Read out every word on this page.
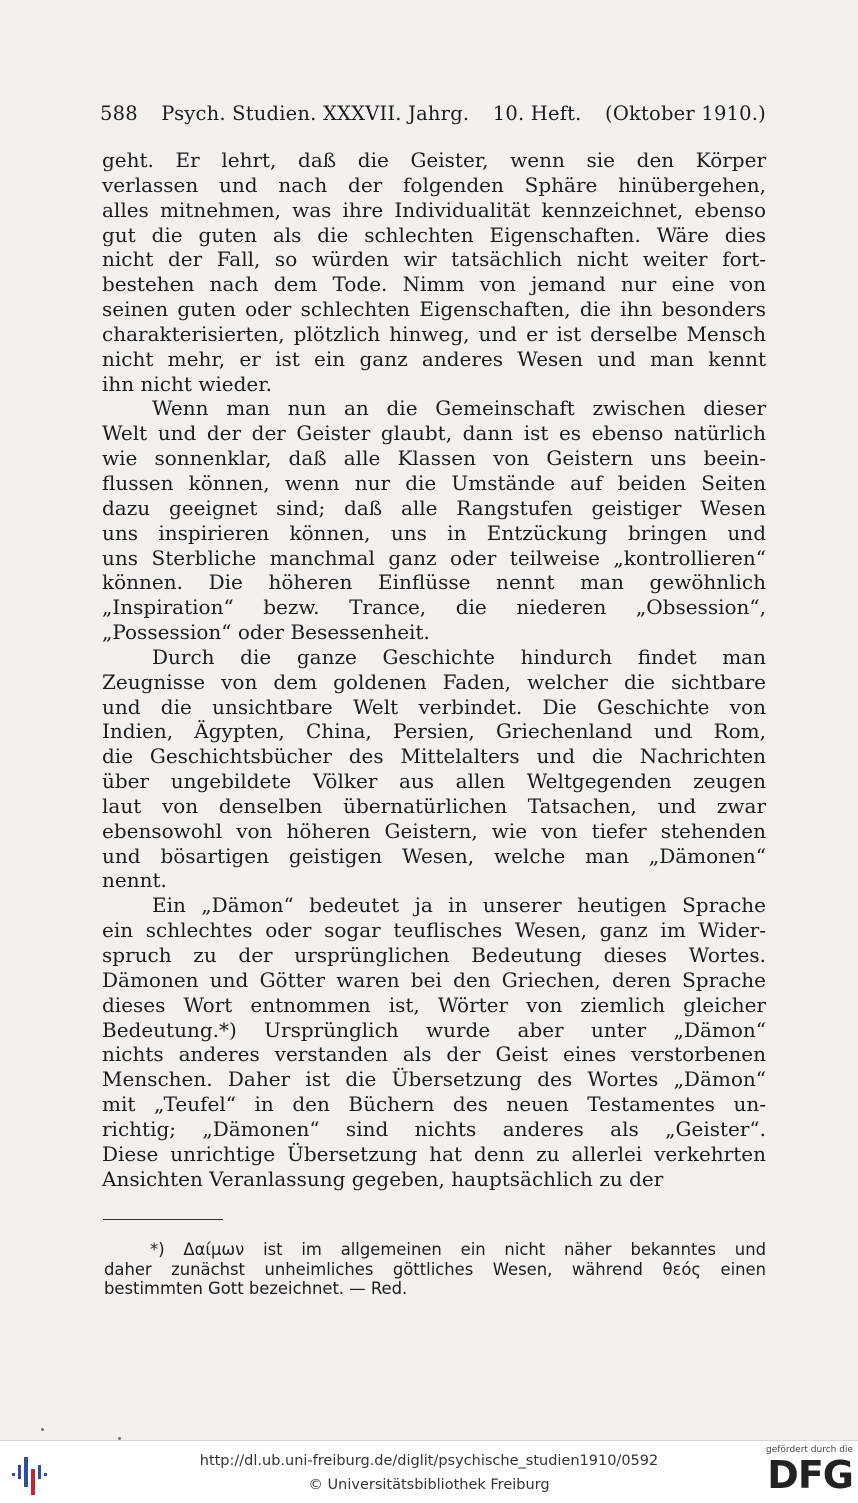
588 Psych. Studien. XXXVII. Jahrg. 10. Heft. (Oktober 1910.)
geht. Er lehrt, daß die Geister, wenn sie den Körper
verlassen und nach der folgenden Sphäre hinübergehen,
alles mitnehmen, was ihre Individualität kennzeichnet, ebenso
gut die guten als die schlechten Eigenschaften. Wäre dies
nicht der Fall, so würden wir tatsächlich nicht weiter fort-
bestehen nach dem Tode. Nimm von jemand nur eine von
seinen guten oder schlechten Eigenschaften, die ihn besonders
charakterisierten, plötzlich hinweg, und er ist derselbe Mensch
nicht mehr, er ist ein ganz anderes Wesen und man kennt
ihn nicht wieder.
Wenn man nun an die Gemeinschaft zwischen dieser
Welt und der der Geister glaubt, dann ist es ebenso natürlich
wie sonnenklar, daß alle Klassen von Geistern uns beein-
flussen können, wenn nur die Umstände auf beiden Seiten
dazu geeignet sind; daß alle Rangstufen geistiger Wesen
uns inspirieren können, uns in Entzückung bringen und
uns Sterbliche manchmal ganz oder teilweise „kontrollieren“
können. Die höheren Einflüsse nennt man gewöhnlich
„Inspiration“ bezw. Trance, die niederen „Obsession“,
„Possession“ oder Besessenheit.
Durch die ganze Geschichte hindurch findet man
Zeugnisse von dem goldenen Faden, welcher die sichtbare
und die unsichtbare Welt verbindet. Die Geschichte von
Indien, Ägypten, China, Persien, Griechenland und Rom,
die Geschichtsbücher des Mittelalters und die Nachrichten
über ungebildete Völker aus allen Weltgegenden zeugen
laut von denselben übernatürlichen Tatsachen, und zwar
ebensowohl von höheren Geistern, wie von tiefer stehenden
und bösartigen geistigen Wesen, welche man „Dämonen“
nennt.
Ein „Dämon“ bedeutet ja in unserer heutigen Sprache
ein schlechtes oder sogar teuflisches Wesen, ganz im Wider-
spruch zu der ursprünglichen Bedeutung dieses Wortes.
Dämonen und Götter waren bei den Griechen, deren Sprache
dieses Wort entnommen ist, Wörter von ziemlich gleicher
Bedeutung.*) Ursprünglich wurde aber unter „Dämon“
nichts anderes verstanden als der Geist eines verstorbenen
Menschen. Daher ist die Übersetzung des Wortes „Dämon“
mit „Teufel“ in den Büchern des neuen Testamentes un-
richtig; „Dämonen“ sind nichts anderes als „Geister“.
Diese unrichtige Übersetzung hat denn zu allerlei verkehrten
Ansichten Veranlassung gegeben, hauptsächlich zu der
*) Δαίμων ist im allgemeinen ein nicht näher bekanntes und
daher zunächst unheimliches göttliches Wesen, während θεός einen
bestimmten Gott bezeichnet. — Red.
http://dl.ub.uni-freiburg.de/diglit/psychische_studien1910/0592
© Universitätsbibliothek Freiburg
gefördert durch die
DFG
